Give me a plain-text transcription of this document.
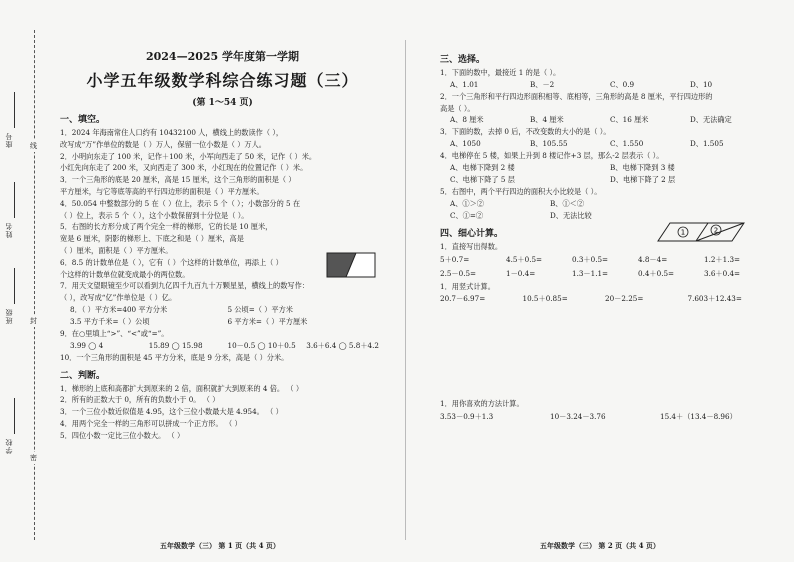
座号
姓名
班级
学校
线
封
密
2024—2025 学年度第一学期
小学五年级数学科综合练习题（三）
(第 1～54 页)
一、填空。
1．2024 年海南常住人口约有 10432100 人，横线上的数读作（ ），
改写成“万”作单位的数是（ ）万人，保留一位小数是（ ）万人。
2．小明向东走了 100 米，记作＋100 米，小军向西走了 50 米，记作（ ）米。
小红先向东走了 200 米，又向西走了 300 米，小红现在的位置记作（ ）米。
3．一个三角形的底是 20 厘米，高是 15 厘米，这个三角形的面积是（ ）
平方厘米，与它等底等高的平行四边形的面积是（ ）平方厘米。
4．50.054 中整数部分的 5 在（ ）位上，表示 5 个（ ）；小数部分的 5 在
（ ）位上，表示 5 个（ ），这个小数保留到十分位是（ ）。
5．右图的长方形分成了两个完全一样的梯形，它的长是 10 厘米，
宽是 6 厘米，阴影的梯形上、下底之和是（ ）厘米，高是
（ ）厘米，面积是（ ）平方厘米。
6．8.5 的计数单位是（ ），它有（ ）个这样的计数单位，再添上（ ）
个这样的计数单位就变成最小的两位数。
7．用天文望眼镜至少可以看到九亿四千九百九十万颗星星，横线上的数写作：
（ ），改写成“亿”作单位是（ ）亿。
8．（ ）平方米=400 平方分米	5 公顷=（ ）平方米
3.5 平方千米=（ ）公顷	6 平方米=（ ）平方厘米
9．在○里填上“>”、“<”或“=”。
3.99 ◯ 4	15.89 ◯ 15.98	10－0.5 ◯ 10＋0.5	3.6＋6.4 ◯ 5.8＋4.2
10．一个三角形的面积是 45 平方分米，底是 9 分米，高是（ ）分米。
二、判断。
1．梯形的上底和高都扩大到原来的 2 倍，面积就扩大到原来的 4 倍。 （ ）
2．所有的正数大于 0，所有的负数小于 0。 （ ）
3．一个三位小数近似值是 4.95，这个三位小数最大是 4.954。 （ ）
4．用两个完全一样的三角形可以拼成一个正方形。 （ ）
5．四位小数一定比三位小数大。 （ ）
五年级数学（三） 第 1 页（共 4 页）
三、选择。
1．下面的数中，最接近 1 的是（ ）。
A、1.01	B、－2	C、0.9	D、10
2．一个三角形和平行四边形面积相等、底相等，三角形的高是 8 厘米，平行四边形的
高是（ ）。
A、8 厘米	B、4 厘米	C、16 厘米	D、无法确定
3．下面的数，去掉 0 后，不改变数的大小的是（ ）。
A、1050	B、105.55	C、1.550	D、1.505
4．电梯停在 5 楼，如果上升到 8 楼记作+3 层，那么-2 层表示（ ）。
A、电梯下降到 2 楼	B、电梯下降到 3 楼
C、电梯下降了 5 层	D、电梯下降了 2 层
5．右图中，两个平行四边的面积大小比较是（ ）。
A、①＞②	B、①＜②
C、①=②	D、无法比较
四、细心计算。
1．直接写出得数。
5＋0.7=	4.5＋0.5=	0.3＋0.5=	4.8－4=	1.2＋1.3=
2.5－0.5=	1－0.4=	1.3－1.1=	0.4＋0.5=	3.6＋0.4=
1．用竖式计算。
20.7－6.97=	10.5＋0.85=	20－2.25=	7.603＋12.43=
1．用你喜欢的方法计算。
3.53－0.9＋1.3	10－3.24－3.76	15.4＋（13.4－8.96）
1	2
五年级数学（三） 第 2 页（共 4 页）
